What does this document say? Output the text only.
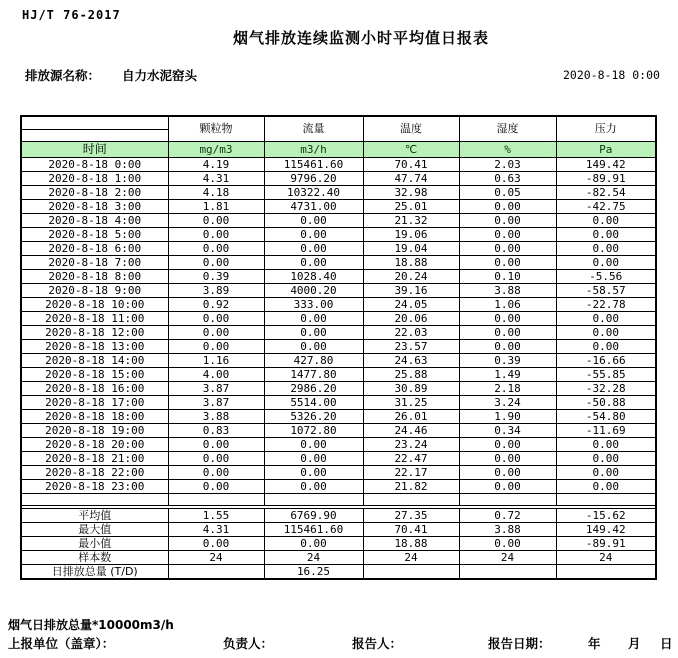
HJ/T 76-2017
烟气排放连续监测小时平均值日报表
排放源名称： 自力水泥窑头	2020-8-18 0:00
	颗粒物	流量	温度	湿度	压力

时间	mg/m3	m3/h	℃	%	Pa
2020-8-18 0:00	4.19	115461.60	70.41	2.03	149.42
2020-8-18 1:00	4.31	9796.20	47.74	0.63	-89.91
2020-8-18 2:00	4.18	10322.40	32.98	0.05	-82.54
2020-8-18 3:00	1.81	4731.00	25.01	0.00	-42.75
2020-8-18 4:00	0.00	0.00	21.32	0.00	0.00
2020-8-18 5:00	0.00	0.00	19.06	0.00	0.00
2020-8-18 6:00	0.00	0.00	19.04	0.00	0.00
2020-8-18 7:00	0.00	0.00	18.88	0.00	0.00
2020-8-18 8:00	0.39	1028.40	20.24	0.10	-5.56
2020-8-18 9:00	3.89	4000.20	39.16	3.88	-58.57
2020-8-18 10:00	0.92	333.00	24.05	1.06	-22.78
2020-8-18 11:00	0.00	0.00	20.06	0.00	0.00
2020-8-18 12:00	0.00	0.00	22.03	0.00	0.00
2020-8-18 13:00	0.00	0.00	23.57	0.00	0.00
2020-8-18 14:00	1.16	427.80	24.63	0.39	-16.66
2020-8-18 15:00	4.00	1477.80	25.88	1.49	-55.85
2020-8-18 16:00	3.87	2986.20	30.89	2.18	-32.28
2020-8-18 17:00	3.87	5514.00	31.25	3.24	-50.88
2020-8-18 18:00	3.88	5326.20	26.01	1.90	-54.80
2020-8-18 19:00	0.83	1072.80	24.46	0.34	-11.69
2020-8-18 20:00	0.00	0.00	23.24	0.00	0.00
2020-8-18 21:00	0.00	0.00	22.47	0.00	0.00
2020-8-18 22:00	0.00	0.00	22.17	0.00	0.00
2020-8-18 23:00	0.00	0.00	21.82	0.00	0.00

平均值	1.55	6769.90	27.35	0.72	-15.62
最大值	4.31	115461.60	70.41	3.88	149.42
最小值	0.00	0.00	18.88	0.00	-89.91
样本数	24	24	24	24	24
日排放总量 (T/D)		16.25			
烟气日排放总量*10000m3/h
上报单位（盖章）：	负责人：	报告人：	报告日期：	年 月 日
